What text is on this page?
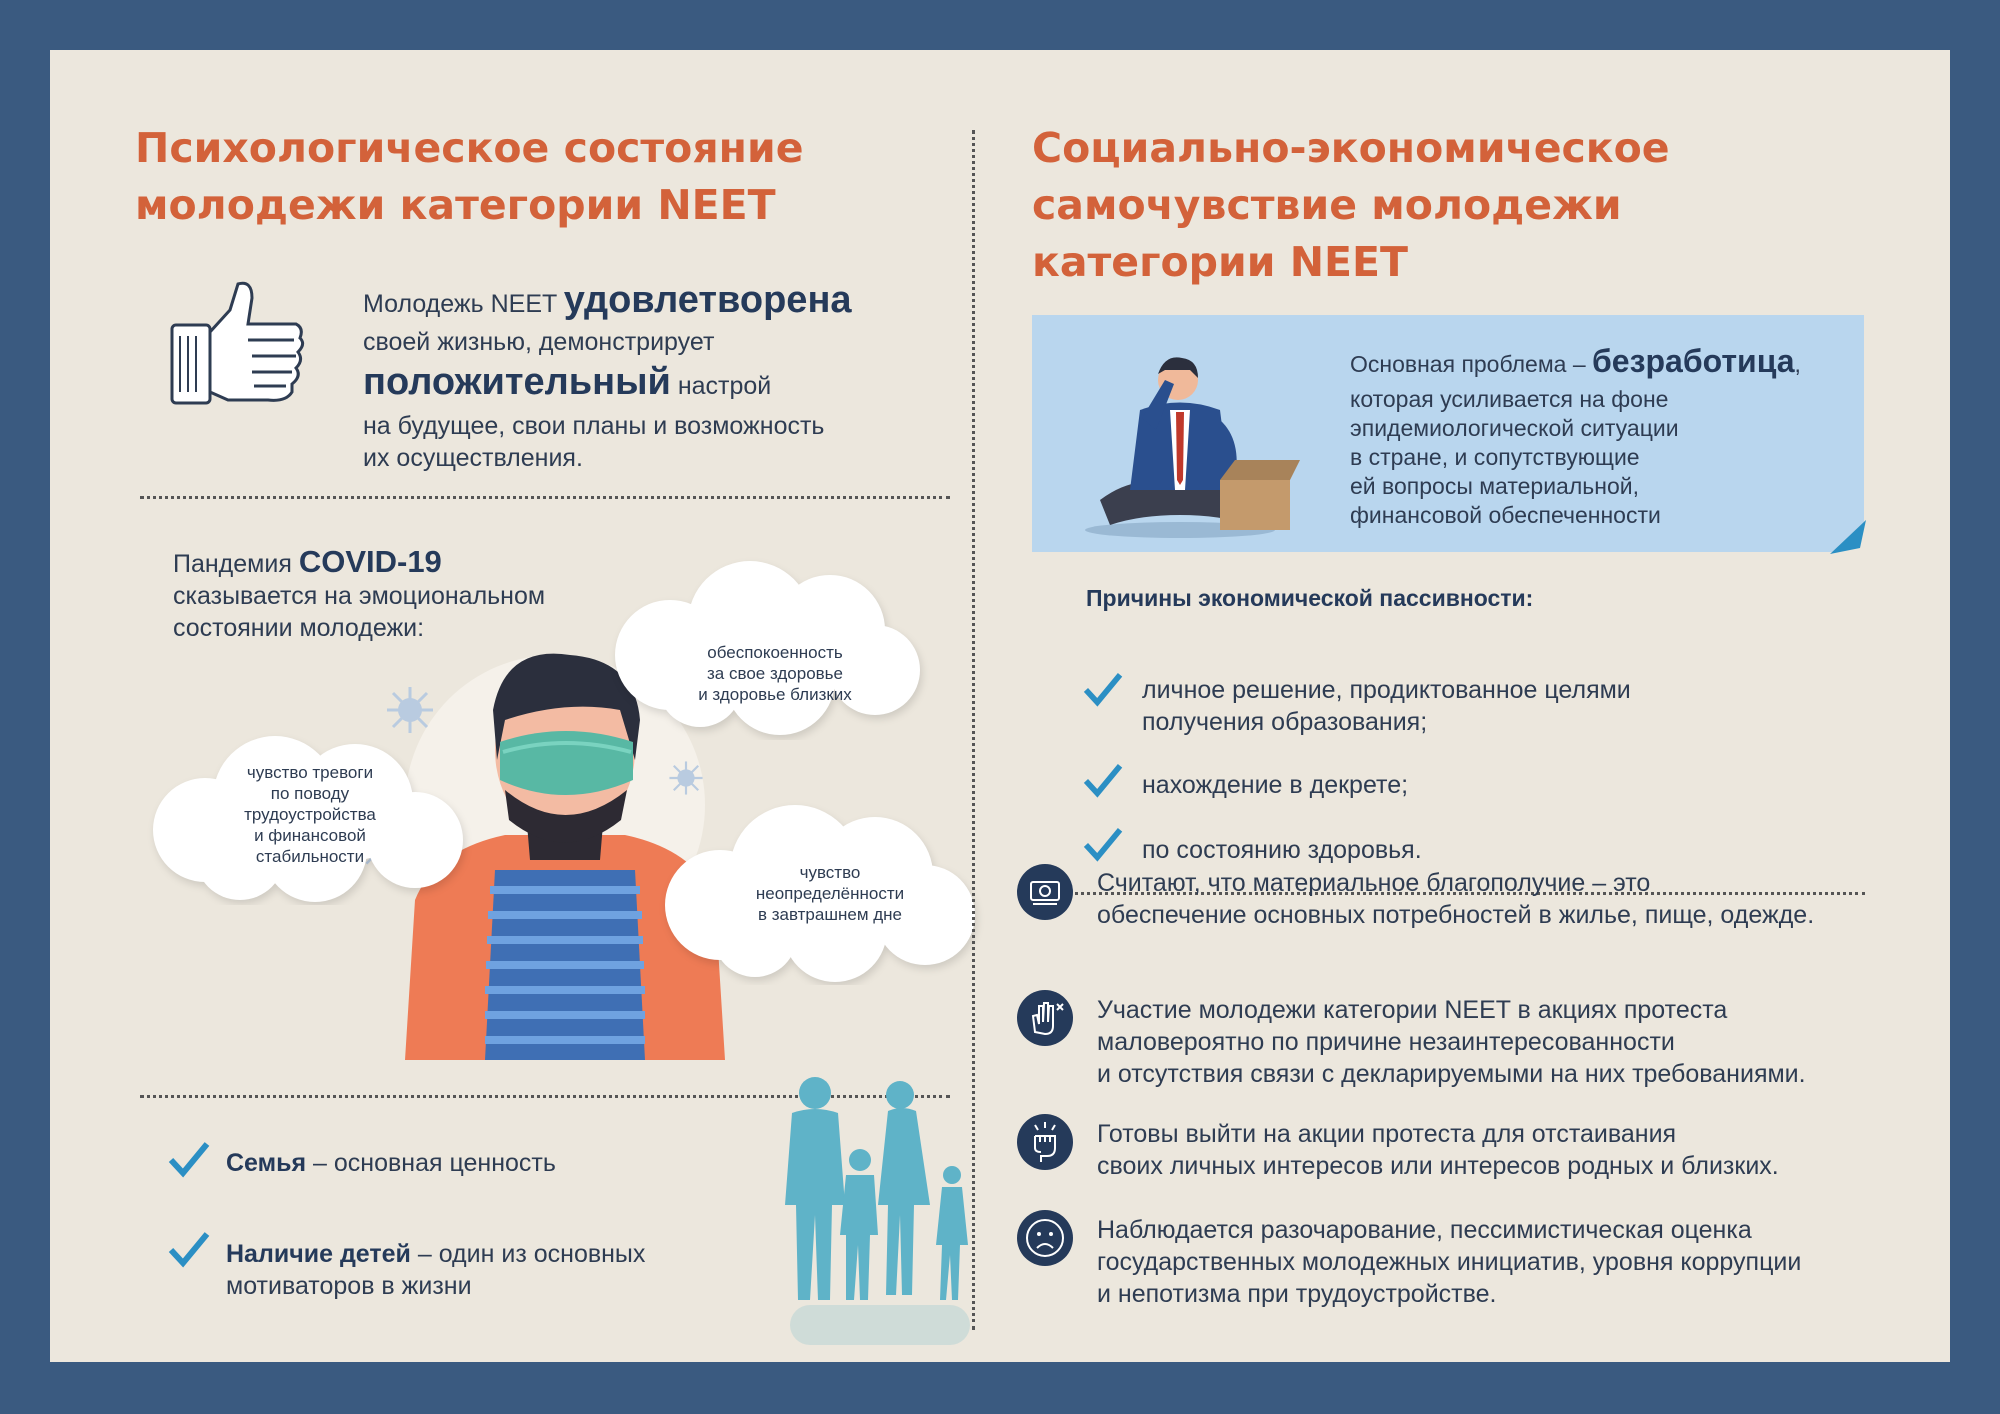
Психологическое состояние
молодежи категории NEET
Молодежь NEET удовлетворена
своей жизнью, демонстрирует
положительный настрой
на будущее, свои планы и возможность
их осуществления.
Пандемия COVID-19
сказывается на эмоциональном
состоянии молодежи:
обеспокоенность
за свое здоровье
и здоровье близких
чувство тревоги
по поводу
трудоустройства
и финансовой
стабильности
чувство
неопределённости
в завтрашнем дне
Семья – основная ценность
Наличие детей – один из основных
мотиваторов в жизни
Социально-экономическое
самочувствие молодежи
категории NEET
Основная проблема – безработица,
которая усиливается на фоне
эпидемиологической ситуации
в стране, и сопутствующие
ей вопросы материальной,
финансовой обеспеченности
Причины экономической пассивности:
личное решение, продиктованное целями
получения образования;
нахождение в декрете;
по состоянию здоровья.
Считают, что материальное благополучие – это
обеспечение основных потребностей в жилье, пище, одежде.
Участие молодежи категории NEET в акциях протеста
маловероятно по причине незаинтересованности
и отсутствия связи с декларируемыми на них требованиями.
Готовы выйти на акции протеста для отстаивания
своих личных интересов или интересов родных и близких.
Наблюдается разочарование, пессимистическая оценка
государственных молодежных инициатив, уровня коррупции
и непотизма при трудоустройстве.
